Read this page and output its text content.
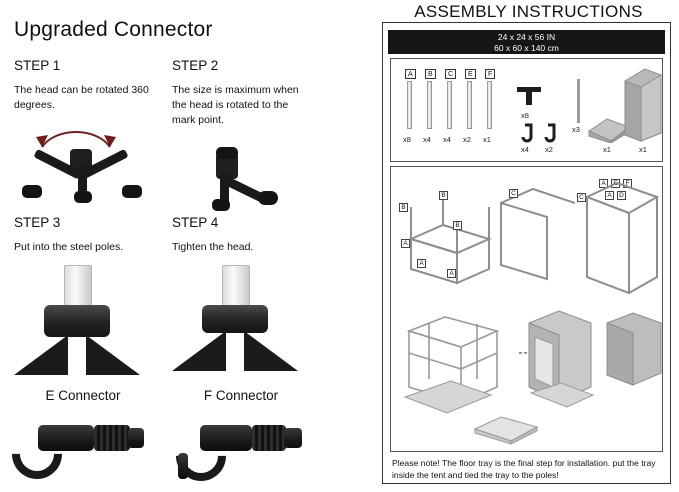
Upgraded Connector
STEP 1
The head can be rotated 360 degrees.
STEP 2
The size is maximum when the head is rotated to the mark point.
STEP 3
Put into the steel poles.
STEP 4
Tighten the head.
E Connector	F Connector
ASSEMBLY INSTRUCTIONS
24 x 24 x 56 IN
60 x 60 x 140 cm
A
x8
B
x4
C
x4
E
x2
F
x1
x8
x4 x2
x3
x1	x1
B
B
B
A
A
A
C
C
A	E	F
A	D
Please note! The floor tray is the final step for installation. put the tray inside the tent and tied the tray to the poles!
